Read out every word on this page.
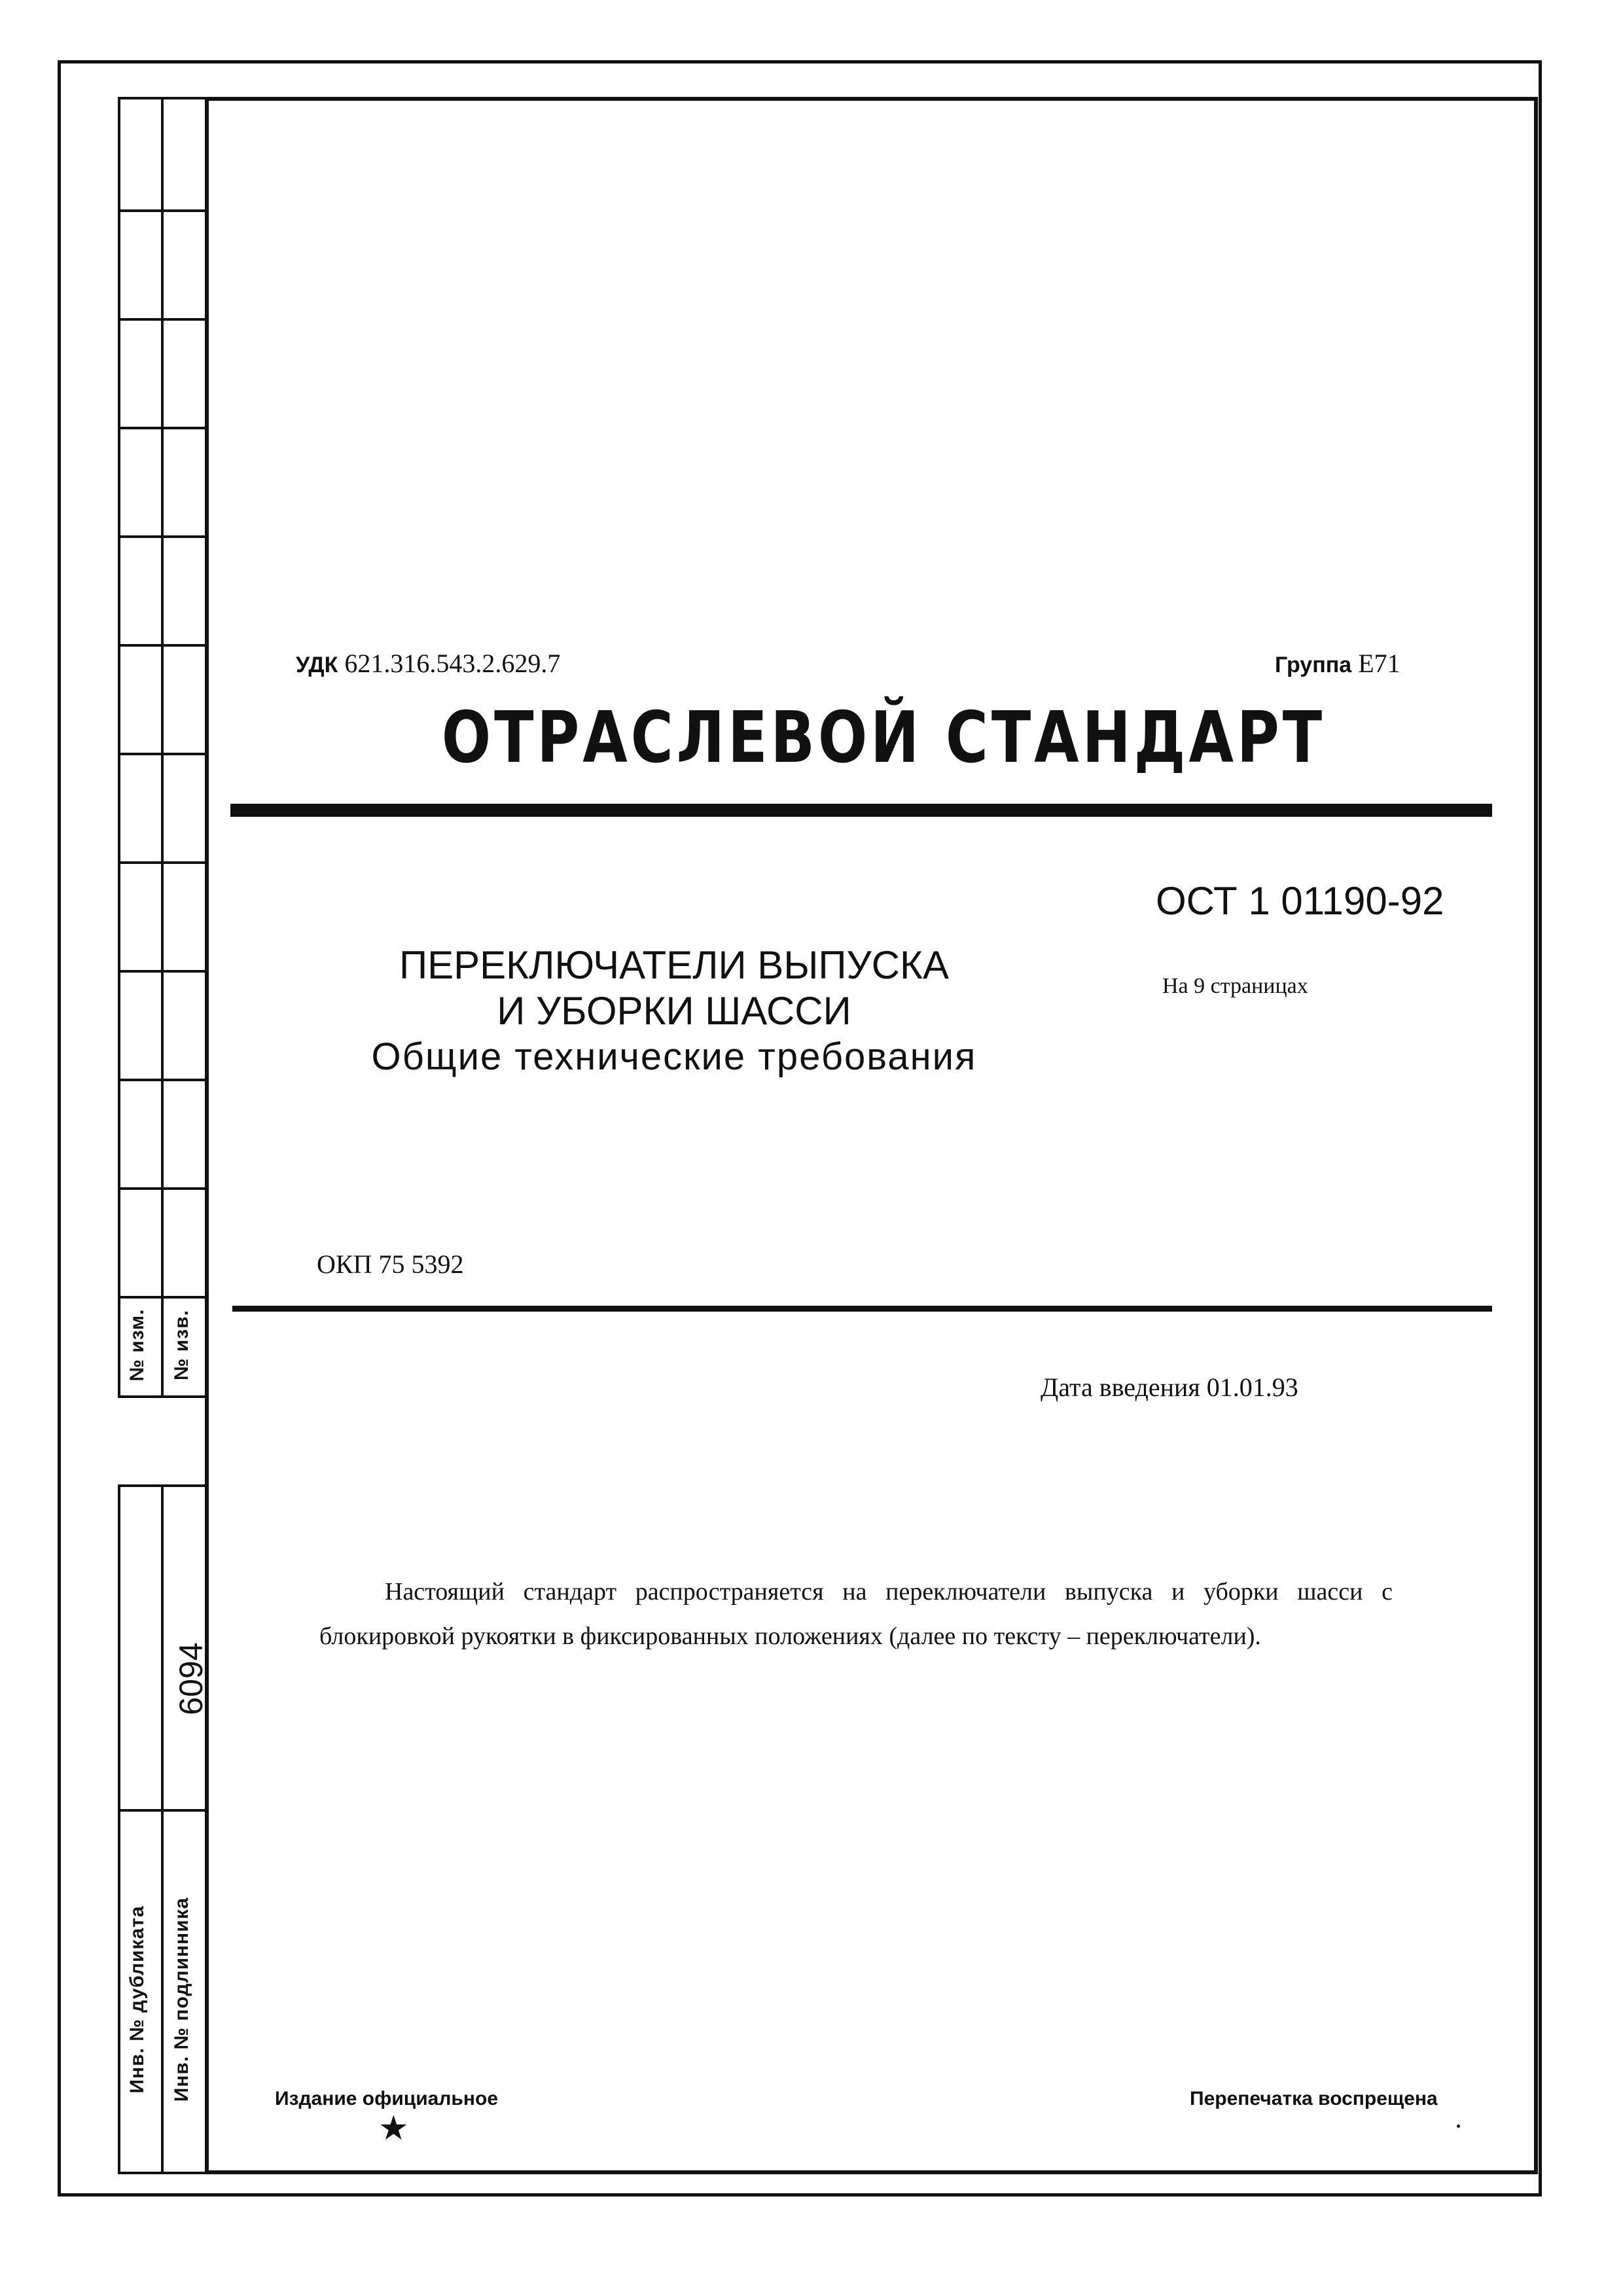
№ изм. № изв.
Инв. № дубликата Инв. № подлинника
6094
УДК 621.316.543.2.629.7	Группа Е71
ОТРАСЛЕВОЙ СТАНДАРТ
ОСТ 1 01190-92
ПЕРЕКЛЮЧАТЕЛИ ВЫПУСКА
И УБОРКИ ШАССИ
Общие технические требования
На 9 страницах
ОКП 75 5392
Дата введения 01.01.93
Настоящий стандарт распространяется на переключатели выпуска и уборки шасси с блокировкой рукоятки в фиксированных положениях (далее по тексту – переключатели).
Издание официальное
★
Перепечатка воспрещена
